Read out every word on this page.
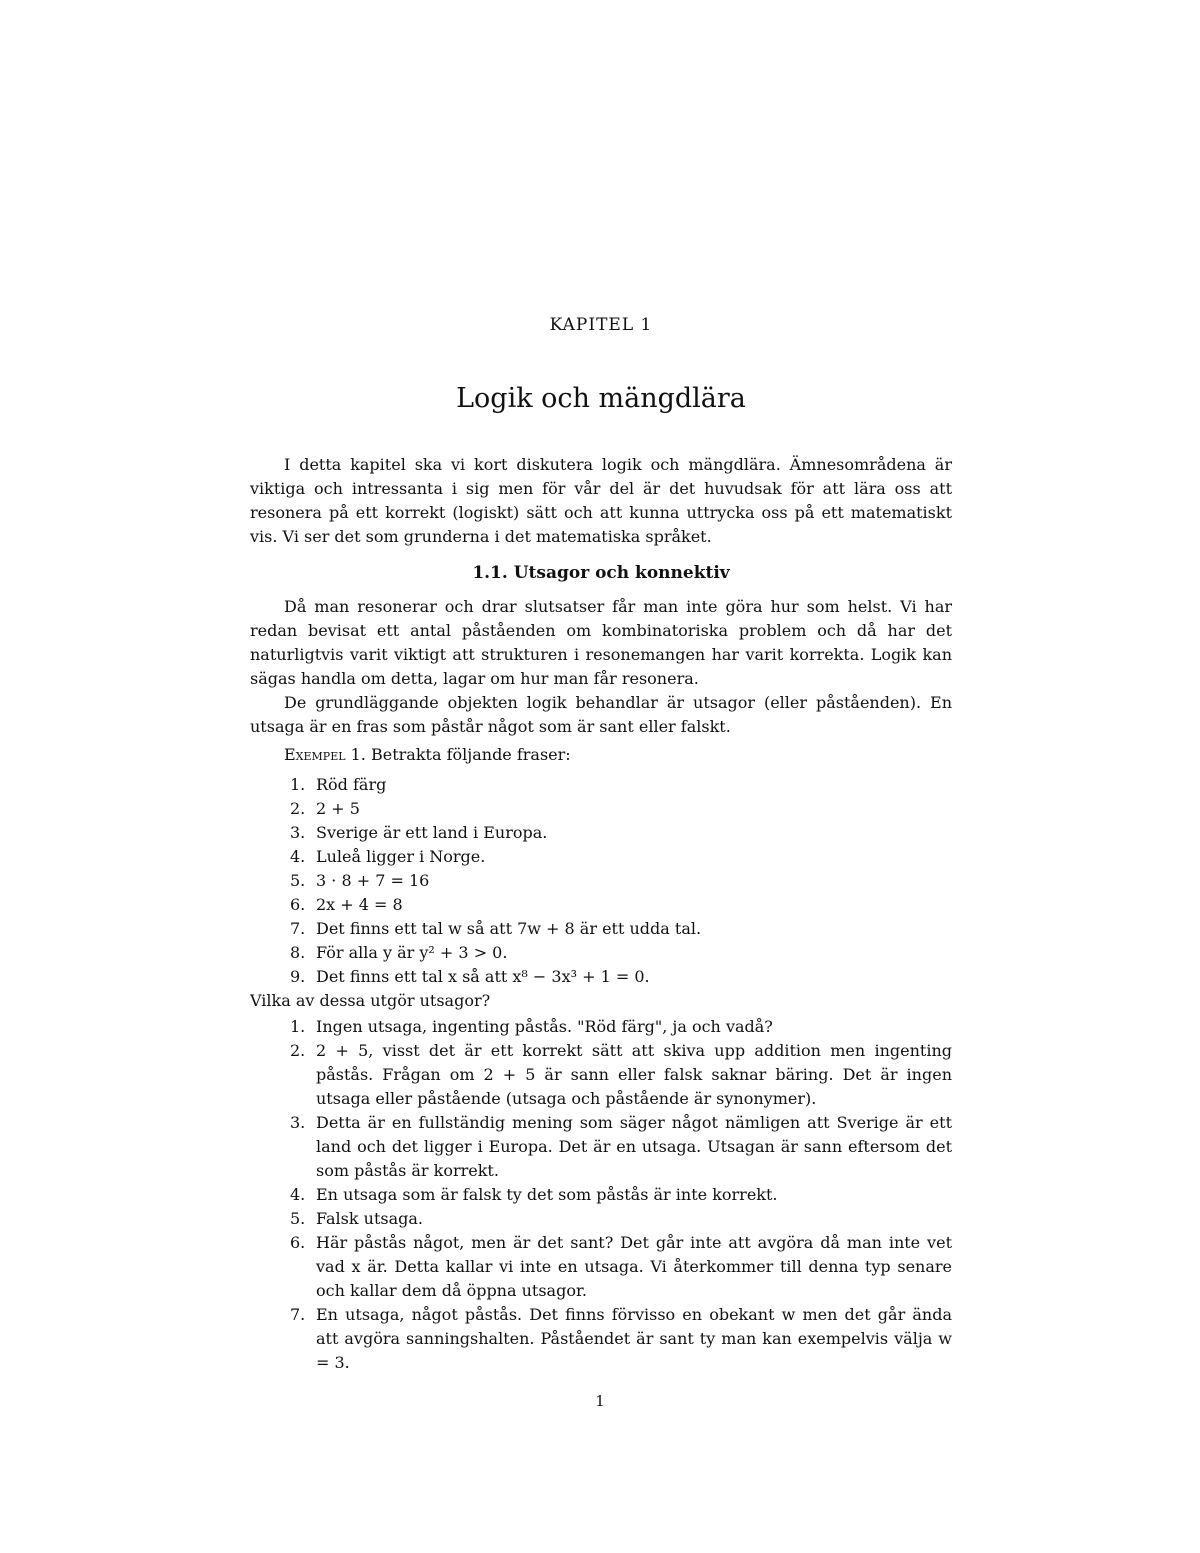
KAPITEL 1

Logik och mängdlära

I detta kapitel ska vi kort diskutera logik och mängdlära. Ämnesområdena är viktiga och intressanta i sig men för vår del är det huvudsak för att lära oss att resonera på ett korrekt (logiskt) sätt och att kunna uttrycka oss på ett matematiskt vis. Vi ser det som grunderna i det matematiska språket.

1.1. Utsagor och konnektiv

Då man resonerar och drar slutsatser får man inte göra hur som helst. Vi har redan bevisat ett antal påståenden om kombinatoriska problem och då har det naturligtvis varit viktigt att strukturen i resonemangen har varit korrekta. Logik kan sägas handla om detta, lagar om hur man får resonera.

De grundläggande objekten logik behandlar är utsagor (eller påståenden). En utsaga är en fras som påstår något som är sant eller falskt.

Exempel 1. Betrakta följande fraser:

1. Röd färg
2. 2 + 5
3. Sverige är ett land i Europa.
4. Luleå ligger i Norge.
5. 3 · 8 + 7 = 16
6. 2x + 4 = 8
7. Det finns ett tal w så att 7w + 8 är ett udda tal.
8. För alla y är y² + 3 > 0.
9. Det finns ett tal x så att x⁸ − 3x³ + 1 = 0.

Vilka av dessa utgör utsagor?

1. Ingen utsaga, ingenting påstås. "Röd färg", ja och vadå?
2. 2 + 5, visst det är ett korrekt sätt att skiva upp addition men ingenting påstås. Frågan om 2 + 5 är sann eller falsk saknar bäring. Det är ingen utsaga eller påstående (utsaga och påstående är synonymer).
3. Detta är en fullständig mening som säger något nämligen att Sverige är ett land och det ligger i Europa. Det är en utsaga. Utsagan är sann eftersom det som påstås är korrekt.
4. En utsaga som är falsk ty det som påstås är inte korrekt.
5. Falsk utsaga.
6. Här påstås något, men är det sant? Det går inte att avgöra då man inte vet vad x är. Detta kallar vi inte en utsaga. Vi återkommer till denna typ senare och kallar dem då öppna utsagor.
7. En utsaga, något påstås. Det finns förvisso en obekant w men det går ända att avgöra sanningshalten. Påståendet är sant ty man kan exempelvis välja w = 3.
1
